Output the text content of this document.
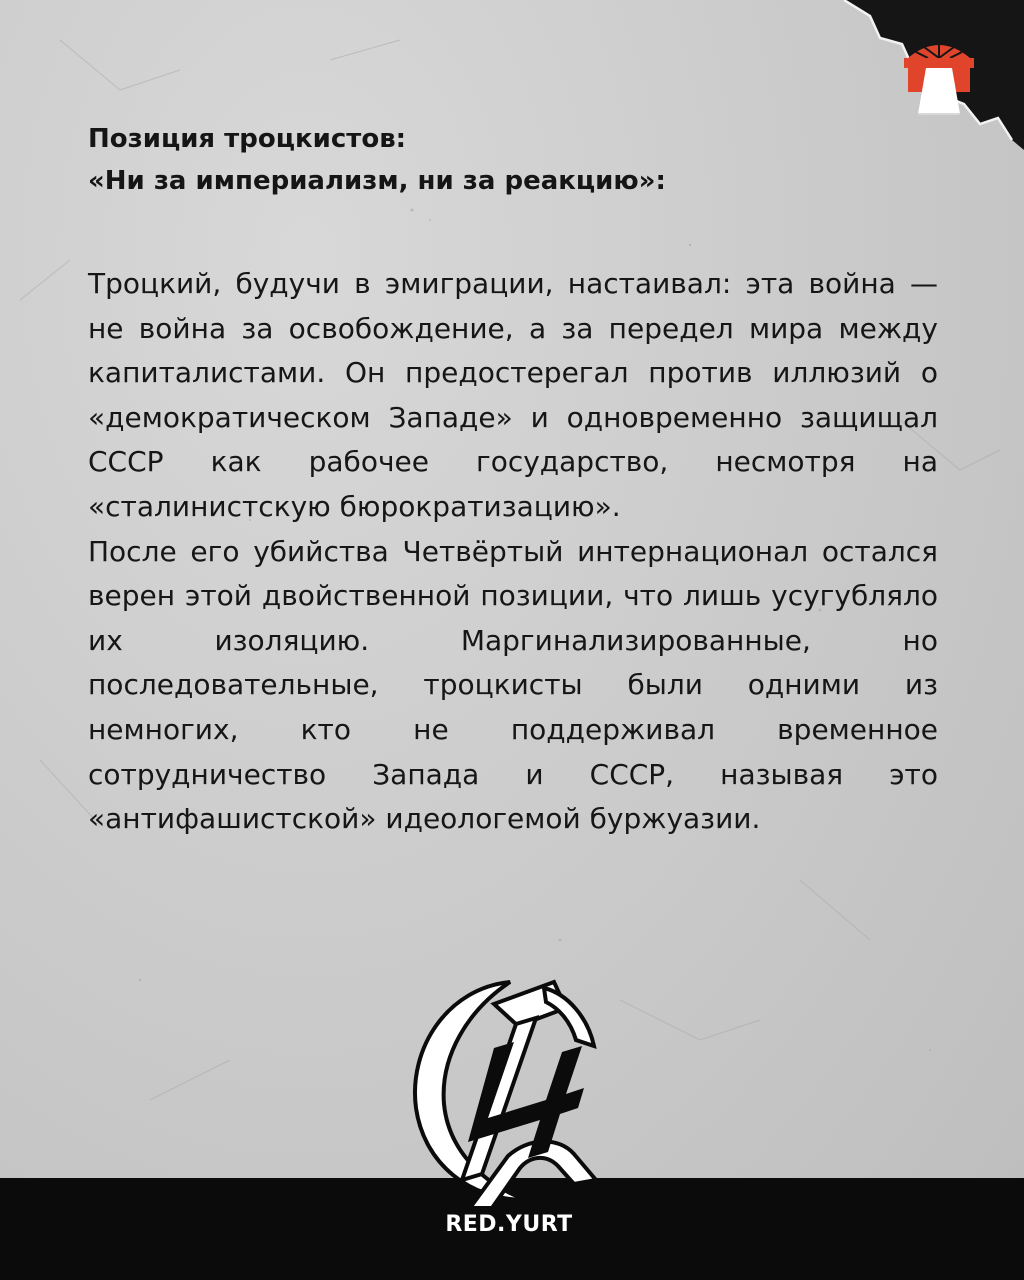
Позиция троцкистов:
«Ни за империализм, ни за реакцию»:

Троцкий, будучи в эмиграции, настаивал: эта война — не война за освобождение, а за передел мира между капиталистами. Он предостерегал против иллюзий о «демократическом Западе» и одновременно защищал СССР как рабочее государство, несмотря на «сталинистскую бюрократизацию».

После его убийства Четвёртый интернационал остался верен этой двойственной позиции, что лишь усугубляло их изоляцию. Маргинализированные, но последовательные, троцкисты были одними из немногих, кто не поддерживал временное сотрудничество Запада и СССР, называя это «антифашистской» идеологемой буржуазии.

RED.YURT
